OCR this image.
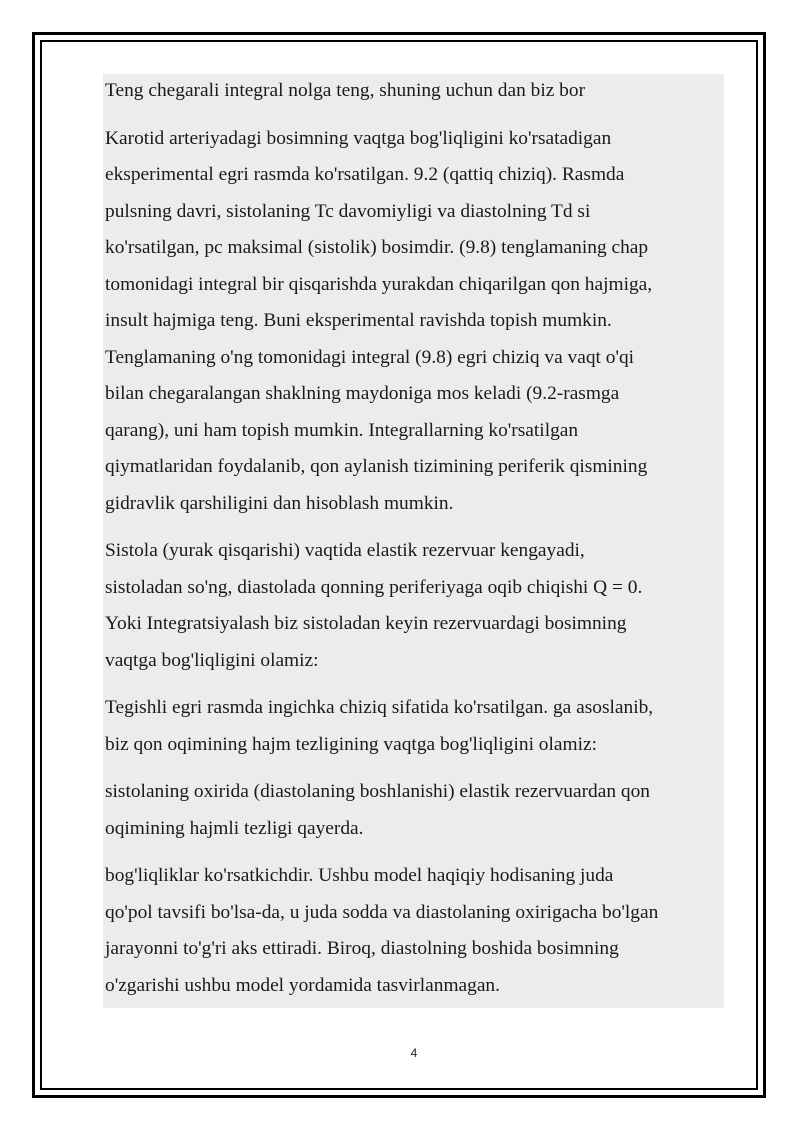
Teng chegarali integral nolga teng, shuning uchun dan biz bor

Karotid arteriyadagi bosimning vaqtga bog'liqligini ko'rsatadigan
eksperimental egri rasmda ko'rsatilgan. 9.2 (qattiq chiziq). Rasmda
pulsning davri, sistolaning Tc davomiyligi va diastolning Td si
ko'rsatilgan, pc maksimal (sistolik) bosimdir. (9.8) tenglamaning chap
tomonidagi integral bir qisqarishda yurakdan chiqarilgan qon hajmiga,
insult hajmiga teng. Buni eksperimental ravishda topish mumkin.
Tenglamaning o'ng tomonidagi integral (9.8) egri chiziq va vaqt o'qi
bilan chegaralangan shaklning maydoniga mos keladi (9.2-rasmga
qarang), uni ham topish mumkin. Integrallarning ko'rsatilgan
qiymatlaridan foydalanib, qon aylanish tizimining periferik qismining
gidravlik qarshiligini dan hisoblash mumkin.

Sistola (yurak qisqarishi) vaqtida elastik rezervuar kengayadi,
sistoladan so'ng, diastolada qonning periferiyaga oqib chiqishi Q = 0.
Yoki Integratsiyalash biz sistoladan keyin rezervuardagi bosimning
vaqtga bog'liqligini olamiz:

Tegishli egri rasmda ingichka chiziq sifatida ko'rsatilgan. ga asoslanib,
biz qon oqimining hajm tezligining vaqtga bog'liqligini olamiz:

sistolaning oxirida (diastolaning boshlanishi) elastik rezervuardan qon
oqimining hajmli tezligi qayerda.

bog'liqliklar ko'rsatkichdir. Ushbu model haqiqiy hodisaning juda
qo'pol tavsifi bo'lsa-da, u juda sodda va diastolaning oxirigacha bo'lgan
jarayonni to'g'ri aks ettiradi. Biroq, diastolning boshida bosimning
o'zgarishi ushbu model yordamida tasvirlanmagan.

4
